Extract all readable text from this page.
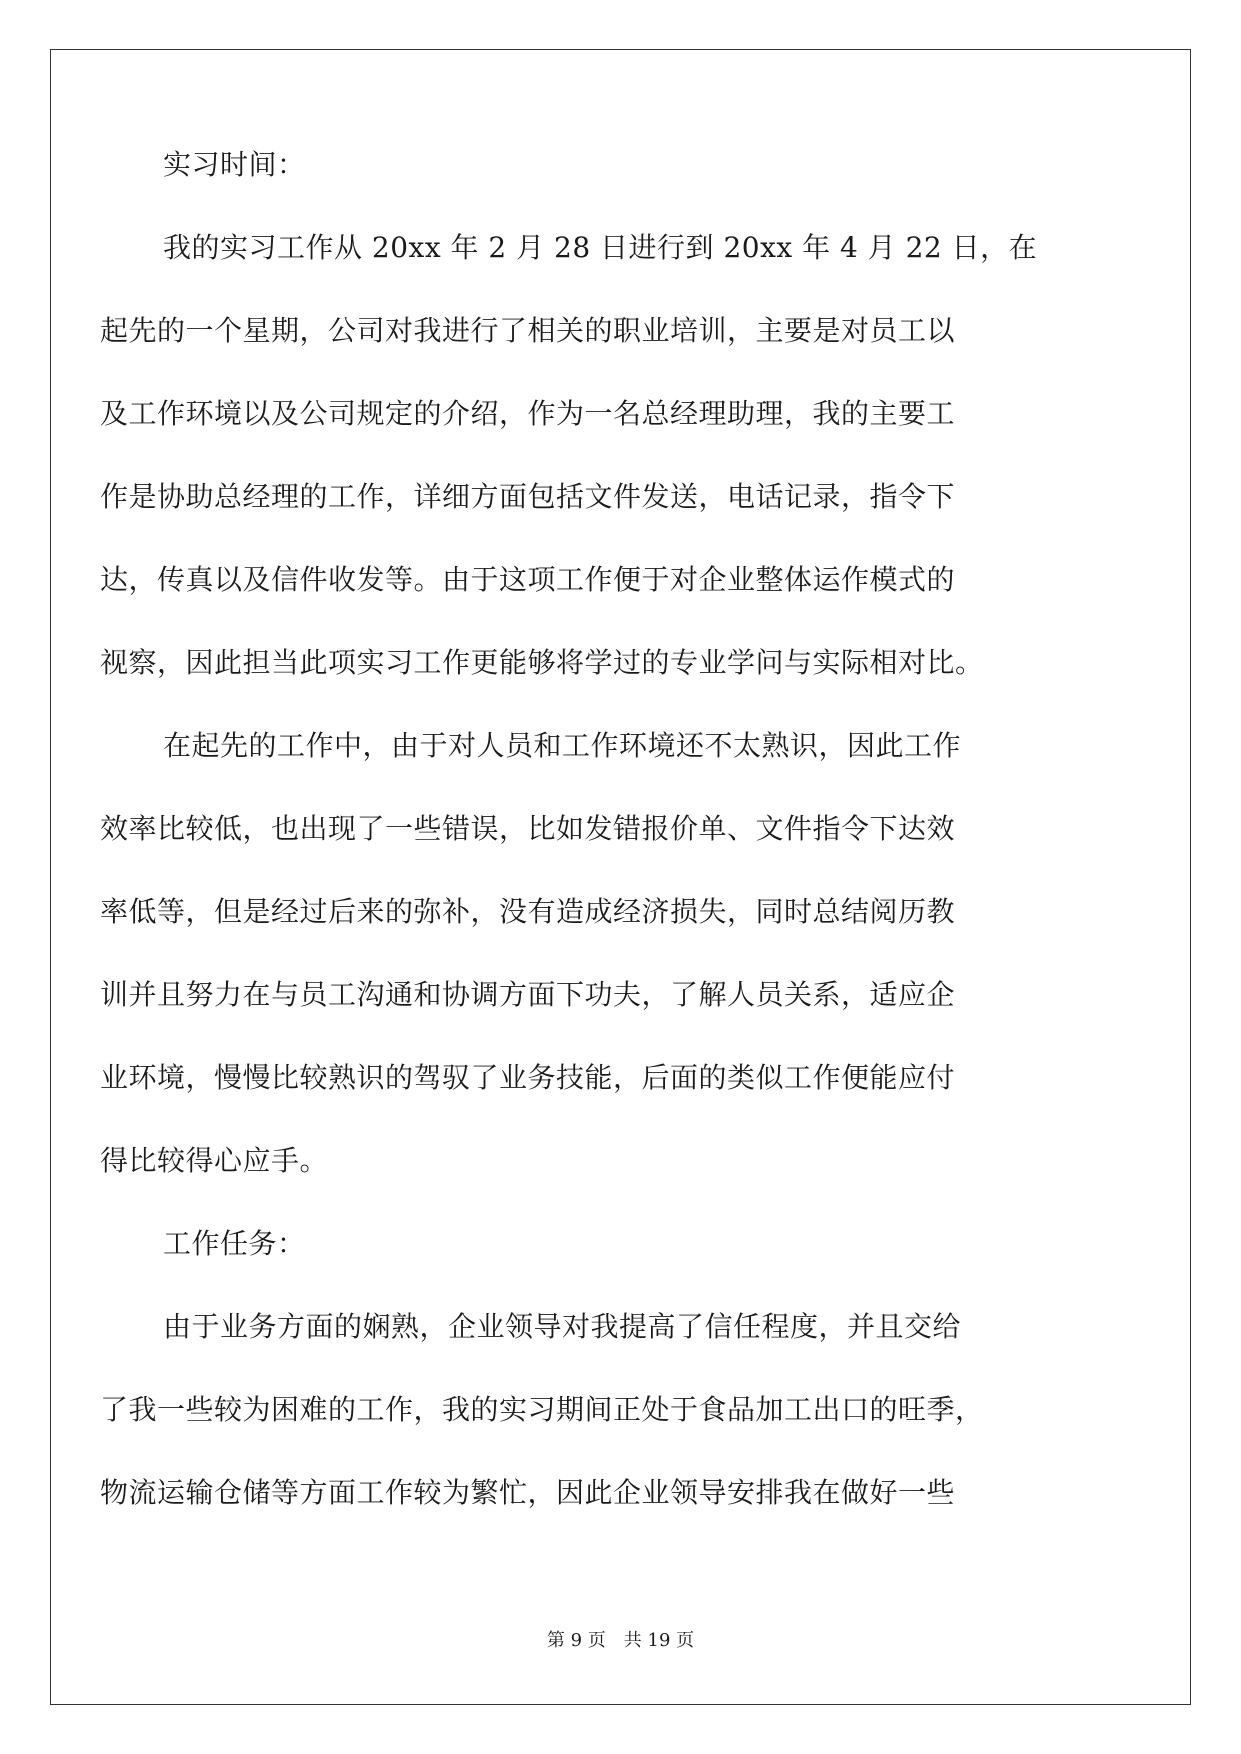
实习时间：
我的实习工作从 20xx 年 2 月 28 日进行到 20xx 年 4 月 22 日，在
起先的一个星期，公司对我进行了相关的职业培训，主要是对员工以
及工作环境以及公司规定的介绍，作为一名总经理助理，我的主要工
作是协助总经理的工作，详细方面包括文件发送，电话记录，指令下
达，传真以及信件收发等。由于这项工作便于对企业整体运作模式的
视察，因此担当此项实习工作更能够将学过的专业学问与实际相对比。
在起先的工作中，由于对人员和工作环境还不太熟识，因此工作
效率比较低，也出现了一些错误，比如发错报价单、文件指令下达效
率低等，但是经过后来的弥补，没有造成经济损失，同时总结阅历教
训并且努力在与员工沟通和协调方面下功夫，了解人员关系，适应企
业环境，慢慢比较熟识的驾驭了业务技能，后面的类似工作便能应付
得比较得心应手。
工作任务：
由于业务方面的娴熟，企业领导对我提高了信任程度，并且交给
了我一些较为困难的工作，我的实习期间正处于食品加工出口的旺季，
物流运输仓储等方面工作较为繁忙，因此企业领导安排我在做好一些
第 9 页 共 19 页
